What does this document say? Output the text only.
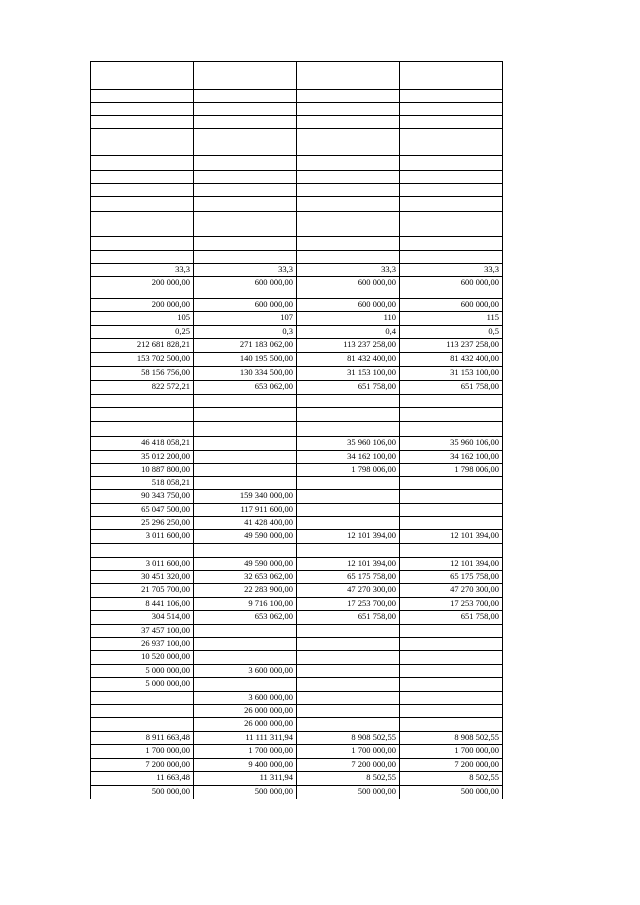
33,3	33,3	33,3	33,3
200 000,00	600 000,00	600 000,00	600 000,00
200 000,00	600 000,00	600 000,00	600 000,00
105	107	110	115
0,25	0,3	0,4	0,5
212 681 828,21	271 183 062,00	113 237 258,00	113 237 258,00
153 702 500,00	140 195 500,00	81 432 400,00	81 432 400,00
58 156 756,00	130 334 500,00	31 153 100,00	31 153 100,00
822 572,21	653 062,00	651 758,00	651 758,00

46 418 058,21		35 960 106,00	35 960 106,00
35 012 200,00		34 162 100,00	34 162 100,00
10 887 800,00		1 798 006,00	1 798 006,00
518 058,21			
90 343 750,00	159 340 000,00		
65 047 500,00	117 911 600,00		
25 296 250,00	41 428 400,00		
3 011 600,00	49 590 000,00	12 101 394,00	12 101 394,00

3 011 600,00	49 590 000,00	12 101 394,00	12 101 394,00
30 451 320,00	32 653 062,00	65 175 758,00	65 175 758,00
21 705 700,00	22 283 900,00	47 270 300,00	47 270 300,00
8 441 106,00	9 716 100,00	17 253 700,00	17 253 700,00
304 514,00	653 062,00	651 758,00	651 758,00
37 457 100,00			
26 937 100,00			
10 520 000,00			
5 000 000,00	3 600 000,00		
5 000 000,00			
	3 600 000,00		
	26 000 000,00		
	26 000 000,00		
8 911 663,48	11 111 311,94	8 908 502,55	8 908 502,55
1 700 000,00	1 700 000,00	1 700 000,00	1 700 000,00
7 200 000,00	9 400 000,00	7 200 000,00	7 200 000,00
11 663,48	11 311,94	8 502,55	8 502,55
500 000,00	500 000,00	500 000,00	500 000,00
